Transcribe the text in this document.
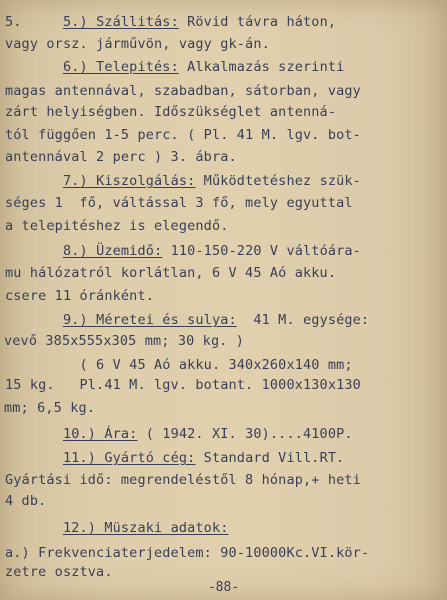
5.     5.) Szállitás: Rövid távra háton,
vagy orsz. járművön, vagy gk-án.
6.) Telepités: Alkalmazás szerinti
magas antennával, szabadban, sátorban, vagy
zárt helyiségben. Időszükséglet antenná-
tól függően 1-5 perc. ( Pl. 41 M. lgv. bot-
antennával 2 perc ) 3. ábra.
7.) Kiszolgálás: Működtetéshez szük-
séges 1  fő, váltással 3 fő, mely egyuttal
a telepitéshez is elegendő.
8.) Üzemidő: 110-150-220 V váltóára-
mu hálózatról korlátlan, 6 V 45 Aó akku.
csere 11 óránként.
9.) Méretei és sulya:  41 M. egysége:
vevő 385x555x305 mm; 30 kg. )
( 6 V 45 Aó akku. 340x260x140 mm;
15 kg.   Pl.41 M. lgv. botant. 1000x130x130
mm; 6,5 kg.
10.) Ára: ( 1942. XI. 30)....4100P.
11.) Gyártó cég: Standard Vill.RT.
Gyártási idő: megrendeléstől 8 hónap,+ heti
4 db.
12.) Müszaki adatok:
a.) Frekvenciaterjedelem: 90-10000Kc.VI.kör-
zetre osztva.
-88-
